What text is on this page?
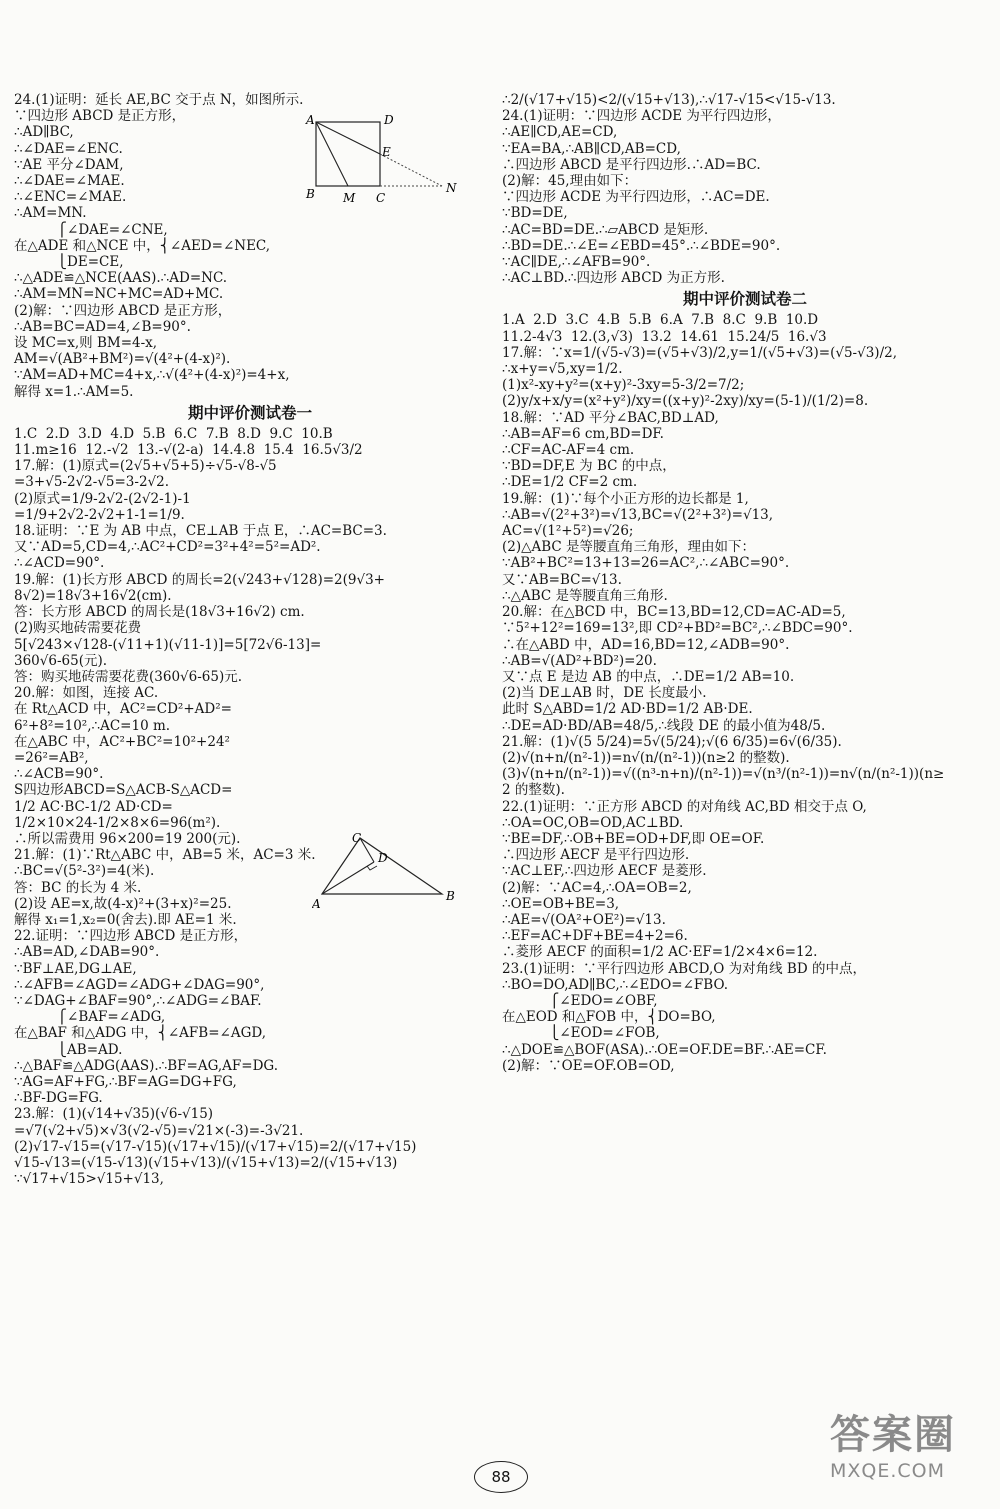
A	D
E
B M C
N
C
D
A
B
24.(1)证明：延长 AE,BC 交于点 N，如图所示.
∵四边形 ABCD 是正方形，
∴AD∥BC,
∴∠DAE=∠ENC.
∵AE 平分∠DAM,
∴∠DAE=∠MAE.
∴∠ENC=∠MAE.
∴AM=MN.
⎧∠DAE=∠CNE,
在△ADE 和△NCE 中，⎨∠AED=∠NEC,
⎩DE=CE,
∴△ADE≌△NCE(AAS).∴AD=NC.
∴AM=MN=NC+MC=AD+MC.
(2)解：∵四边形 ABCD 是正方形，
∴AB=BC=AD=4,∠B=90°.
设 MC=x,则 BM=4-x,
AM=√(AB²+BM²)=√(4²+(4-x)²).
∵AM=AD+MC=4+x,∴√(4²+(4-x)²)=4+x,
解得 x=1.∴AM=5.
期中评价测试卷一
1.C  2.D  3.D  4.D  5.B  6.C  7.B  8.D  9.C  10.B
11.m≥16  12.-√2  13.-√(2-a)  14.4.8  15.4  16.5√3/2
17.解：(1)原式=(2√5+√5+5)÷√5-√8-√5
=3+√5-2√2-√5=3-2√2.
(2)原式=1/9-2√2-(2√2-1)-1
=1/9+2√2-2√2+1-1=1/9.
18.证明：∵E 为 AB 中点，CE⊥AB 于点 E，∴AC=BC=3.
又∵AD=5,CD=4,∴AC²+CD²=3²+4²=5²=AD².
∴∠ACD=90°.
19.解：(1)长方形 ABCD 的周长=2(√243+√128)=2(9√3+
8√2)=18√3+16√2(cm).
答：长方形 ABCD 的周长是(18√3+16√2) cm.
(2)购买地砖需要花费
5[√243×√128-(√11+1)(√11-1)]=5[72√6-13]=
360√6-65(元).
答：购买地砖需要花费(360√6-65)元.
20.解：如图，连接 AC.
在 Rt△ACD 中，AC²=CD²+AD²=
6²+8²=10²,∴AC=10 m.
在△ABC 中，AC²+BC²=10²+24²
=26²=AB²,
∴∠ACB=90°.
S四边形ABCD=S△ACB-S△ACD=
1/2 AC·BC-1/2 AD·CD=
1/2×10×24-1/2×8×6=96(m²).
∴所以需费用 96×200=19 200(元).
21.解：(1)∵Rt△ABC 中，AB=5 米，AC=3 米.
∴BC=√(5²-3²)=4(米).
答：BC 的长为 4 米.
(2)设 AE=x,故(4-x)²+(3+x)²=25.
解得 x₁=1,x₂=0(舍去).即 AE=1 米.
22.证明：∵四边形 ABCD 是正方形，
∴AB=AD,∠DAB=90°.
∵BF⊥AE,DG⊥AE,
∴∠AFB=∠AGD=∠ADG+∠DAG=90°,
∵∠DAG+∠BAF=90°,∴∠ADG=∠BAF.
⎧∠BAF=∠ADG,
在△BAF 和△ADG 中，⎨∠AFB=∠AGD,
⎩AB=AD.
∴△BAF≌△ADG(AAS).∴BF=AG,AF=DG.
∵AG=AF+FG,∴BF=AG=DG+FG,
∴BF-DG=FG.
23.解：(1)(√14+√35)(√6-√15)
=√7(√2+√5)×√3(√2-√5)=√21×(-3)=-3√21.
(2)√17-√15=(√17-√15)(√17+√15)/(√17+√15)=2/(√17+√15)
√15-√13=(√15-√13)(√15+√13)/(√15+√13)=2/(√15+√13)
∵√17+√15>√15+√13,
∴2/(√17+√15)<2/(√15+√13),∴√17-√15<√15-√13.
24.(1)证明：∵四边形 ACDE 为平行四边形，
∴AE∥CD,AE=CD,
∵EA=BA,∴AB∥CD,AB=CD,
∴四边形 ABCD 是平行四边形.∴AD=BC.
(2)解：45,理由如下：
∵四边形 ACDE 为平行四边形，∴AC=DE.
∵BD=DE,
∴AC=BD=DE.∴▱ABCD 是矩形.
∴BD=DE.∴∠E=∠EBD=45°.∴∠BDE=90°.
∵AC∥DE,∴∠AFB=90°.
∴AC⊥BD.∴四边形 ABCD 为正方形.
期中评价测试卷二
1.A  2.D  3.C  4.B  5.B  6.A  7.B  8.C  9.B  10.D
11.2-4√3  12.(3,√3)  13.2  14.61  15.24/5  16.√3
17.解：∵x=1/(√5-√3)=(√5+√3)/2,y=1/(√5+√3)=(√5-√3)/2,
∴x+y=√5,xy=1/2.
(1)x²-xy+y²=(x+y)²-3xy=5-3/2=7/2;
(2)y/x+x/y=(x²+y²)/xy=((x+y)²-2xy)/xy=(5-1)/(1/2)=8.
18.解：∵AD 平分∠BAC,BD⊥AD,
∴AB=AF=6 cm,BD=DF.
∴CF=AC-AF=4 cm.
∵BD=DF,E 为 BC 的中点，
∴DE=1/2 CF=2 cm.
19.解：(1)∵每个小正方形的边长都是 1,
∴AB=√(2²+3²)=√13,BC=√(2²+3²)=√13,
AC=√(1²+5²)=√26;
(2)△ABC 是等腰直角三角形，理由如下：
∵AB²+BC²=13+13=26=AC²,∴∠ABC=90°.
又∵AB=BC=√13.
∴△ABC 是等腰直角三角形.
20.解：在△BCD 中，BC=13,BD=12,CD=AC-AD=5,
∵5²+12²=169=13²,即 CD²+BD²=BC²,∴∠BDC=90°.
∴在△ABD 中，AD=16,BD=12,∠ADB=90°.
∴AB=√(AD²+BD²)=20.
又∵点 E 是边 AB 的中点，∴DE=1/2 AB=10.
(2)当 DE⊥AB 时，DE 长度最小.
此时 S△ABD=1/2 AD·BD=1/2 AB·DE.
∴DE=AD·BD/AB=48/5,∴线段 DE 的最小值为48/5.
21.解：(1)√(5 5/24)=5√(5/24);√(6 6/35)=6√(6/35).
(2)√(n+n/(n²-1))=n√(n/(n²-1))(n≥2 的整数).
(3)√(n+n/(n²-1))=√((n³-n+n)/(n²-1))=√(n³/(n²-1))=n√(n/(n²-1))(n≥
2 的整数).
22.(1)证明：∵正方形 ABCD 的对角线 AC,BD 相交于点 O,
∴OA=OC,OB=OD,AC⊥BD.
∵BE=DF,∴OB+BE=OD+DF,即 OE=OF.
∴四边形 AECF 是平行四边形.
∵AC⊥EF,∴四边形 AECF 是菱形.
(2)解：∵AC=4,∴OA=OB=2,
∴OE=OB+BE=3,
∴AE=√(OA²+OE²)=√13.
∴EF=AC+DF+BE=4+2=6.
∴菱形 AECF 的面积=1/2 AC·EF=1/2×4×6=12.
23.(1)证明：∵平行四边形 ABCD,O 为对角线 BD 的中点，
∴BO=DO,AD∥BC,∴∠EDO=∠FBO.
⎧∠EDO=∠OBF,
在△EOD 和△FOB 中，⎨DO=BO,
⎩∠EOD=∠FOB,
∴△DOE≌△BOF(ASA).∴OE=OF.DE=BF.∴AE=CF.
(2)解：∵OE=OF.OB=OD,
88
答案圈
MXQE.COM
